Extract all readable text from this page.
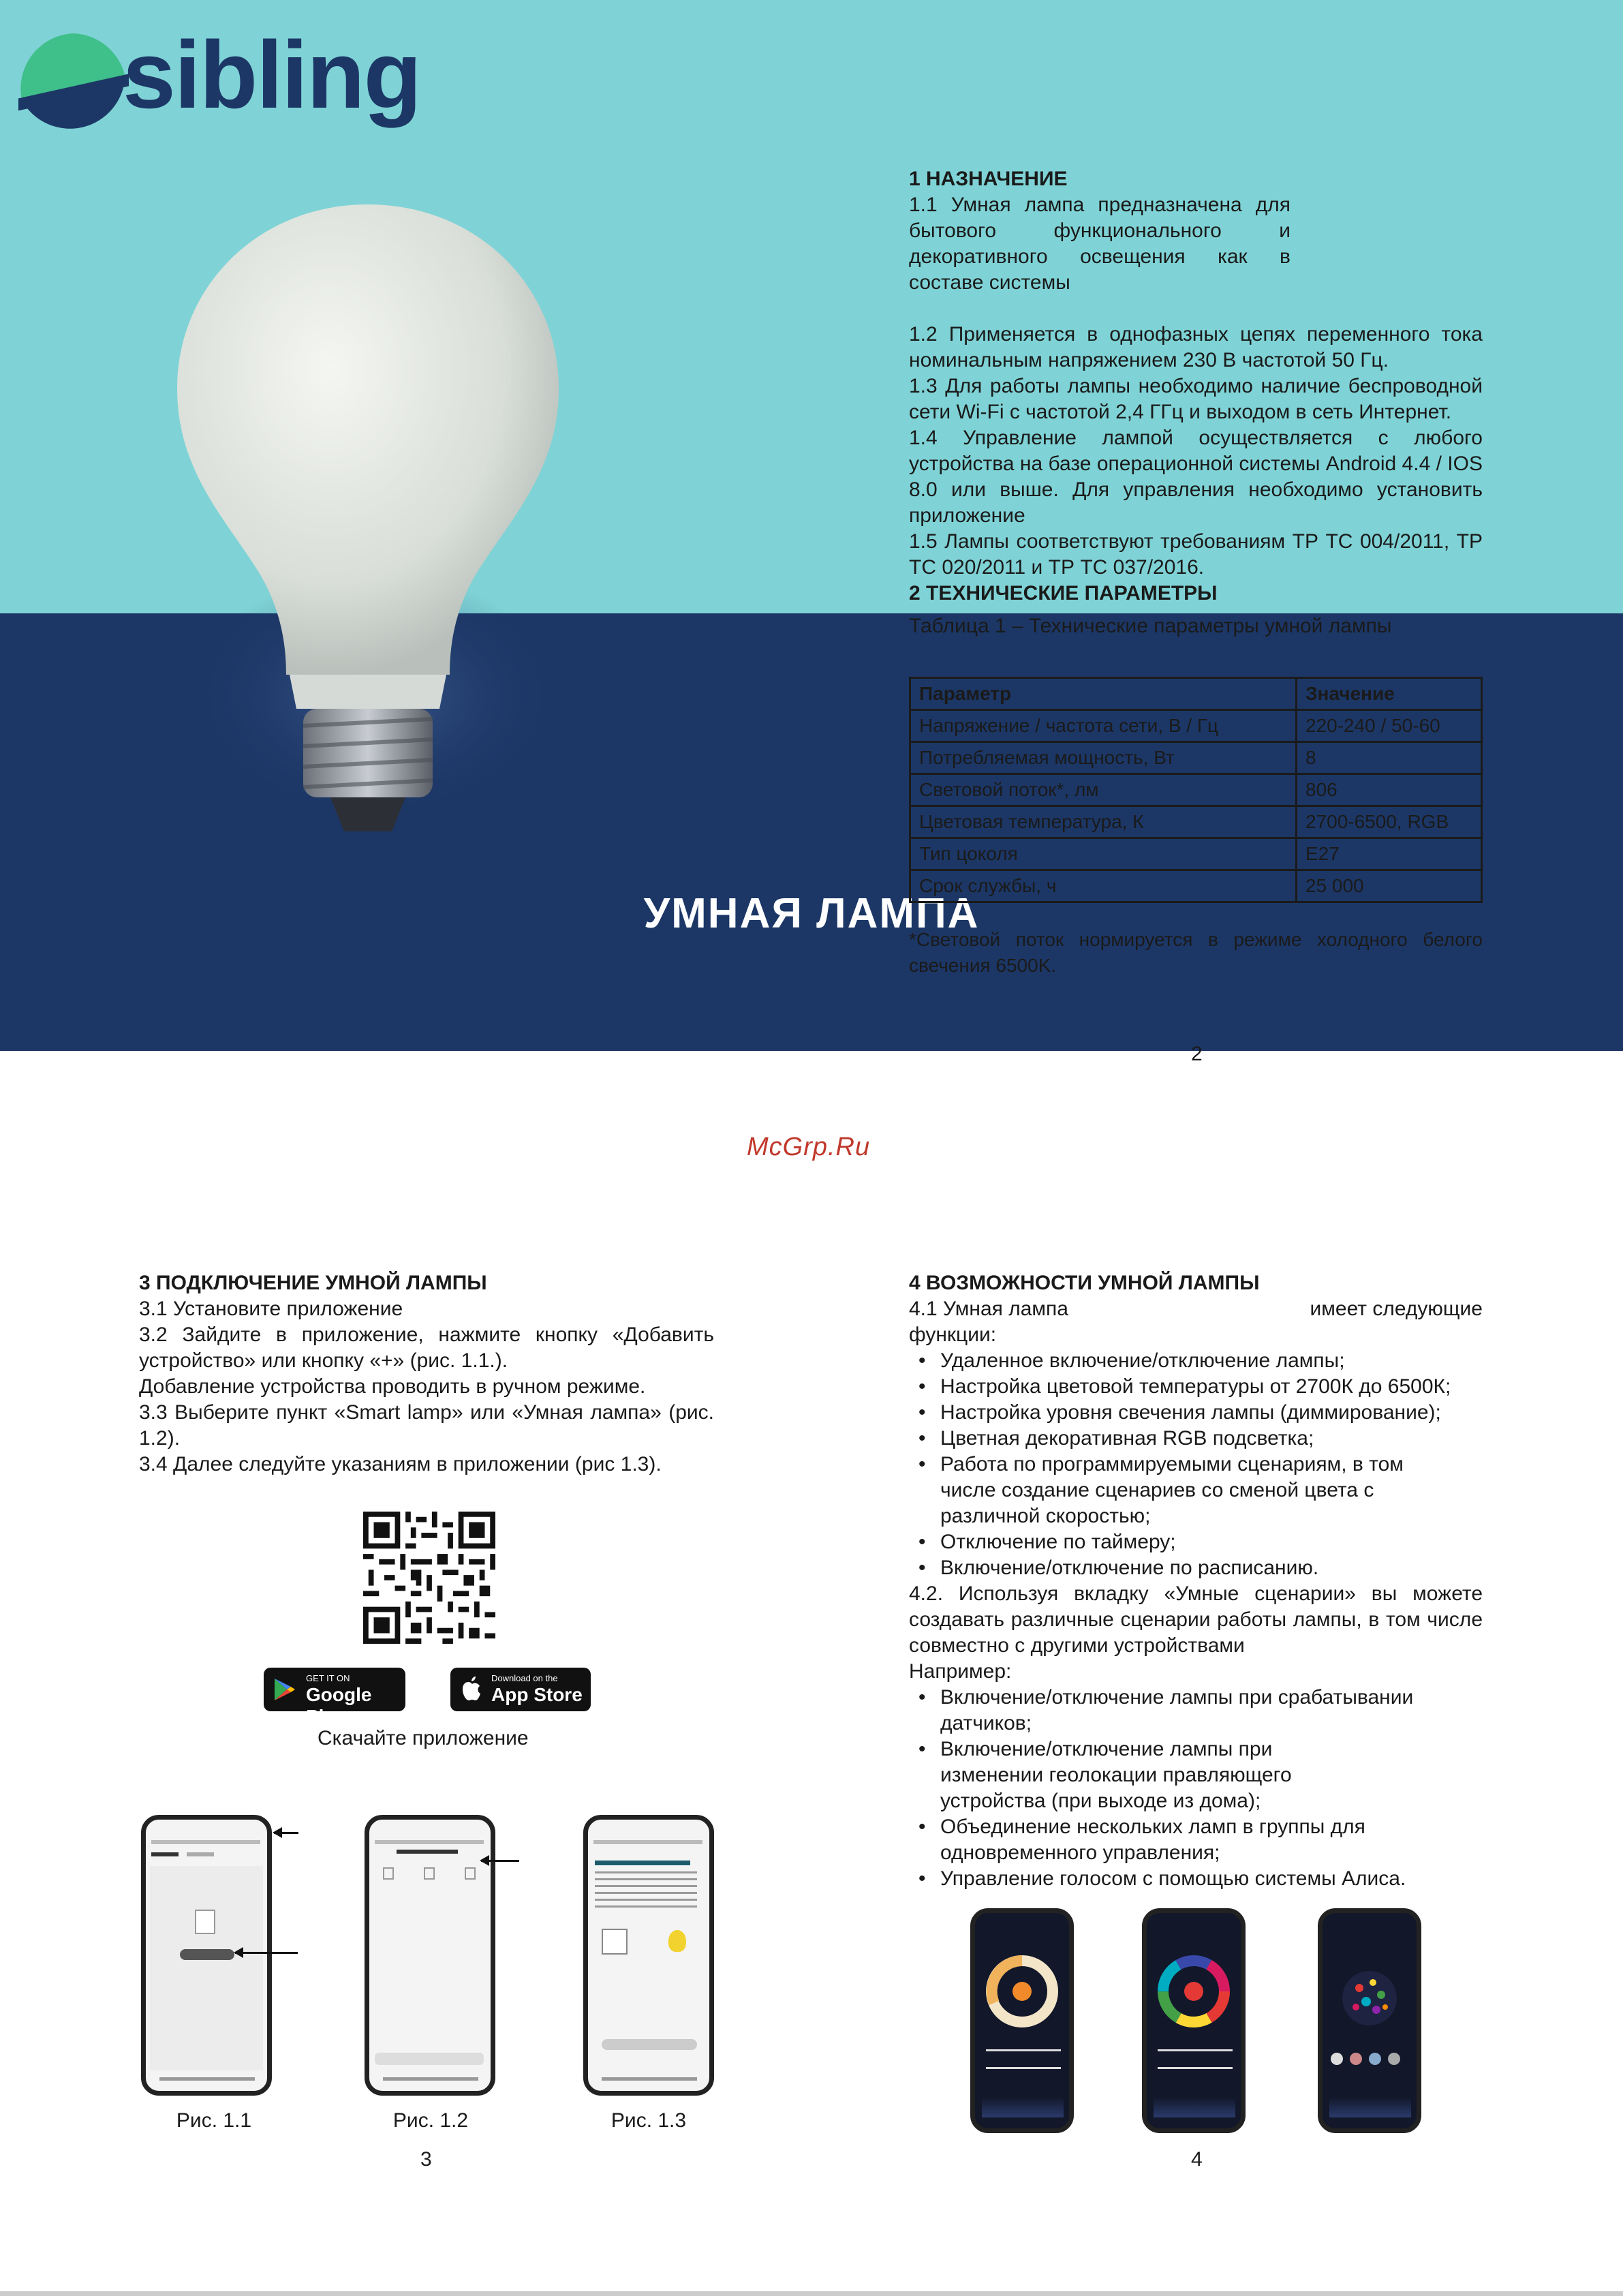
sibling
УМНАЯ ЛАМПА
1 НАЗНАЧЕНИЕ
1.1 Умная лампа предназначена для бытового функционального и декоративного освещения как в составе системы
1.2 Применяется в однофазных цепях переменного тока номинальным напряжением 230 В частотой 50 Гц.
1.3 Для работы лампы необходимо наличие беспроводной сети Wi-Fi с частотой 2,4 ГГц и выходом в сеть Интернет.
1.4 Управление лампой осуществляется с любого устройства на базе операционной системы Android 4.4 / IOS 8.0 или выше. Для управления необходимо установить приложение
1.5 Лампы соответствуют требованиям ТР ТС 004/2011, ТР ТС 020/2011 и ТР ТС 037/2016.
2 ТЕХНИЧЕСКИЕ ПАРАМЕТРЫ
Таблица 1 – Технические параметры умной лампы
Параметр	Значение
Напряжение / частота сети, В / Гц	220-240 / 50-60
Потребляемая мощность, Вт	8
Световой поток*, лм	806
Цветовая температура, К	2700-6500, RGB
Тип цоколя	E27
Срок службы, ч	25 000
*Световой поток нормируется в режиме холодного белого свечения 6500K.
2
McGrp.Ru
3 ПОДКЛЮЧЕНИЕ УМНОЙ ЛАМПЫ
3.1 Установите приложение
3.2 Зайдите в приложение, нажмите кнопку «Добавить устройство» или кнопку «+» (рис. 1.1.).
Добавление устройства проводить в ручном режиме.
3.3 Выберите пункт «Smart lamp» или «Умная лампа» (рис. 1.2).
3.4 Далее следуйте указаниям в приложении (рис 1.3).
GET IT ON
Google Play
Download on the
App Store
Скачайте приложение
Рис. 1.1	Рис. 1.2	Рис. 1.3
3
4 ВОЗМОЖНОСТИ УМНОЙ ЛАМПЫ
4.1 Умная лампа	имеет следующие
функции:
• Удаленное включение/отключение лампы;
• Настройка цветовой температуры от 2700К до 6500К;
• Настройка уровня свечения лампы (диммирование);
• Цветная декоративная RGB подсветка;
• Работа по программируемыми сценариям, в том числе создание сценариев со сменой цвета с различной скоростью;
• Отключение по таймеру;
• Включение/отключение по расписанию.
4.2. Используя вкладку «Умные сценарии» вы можете создавать различные сценарии работы лампы, в том числе совместно с другими устройствами
Например:
• Включение/отключение лампы при срабатывании датчиков;
• Включение/отключение лампы при изменении геолокации правляющего устройства (при выходе из дома);
• Объединение нескольких ламп в группы для одновременного управления;
• Управление голосом с помощью системы Алиса.
4
